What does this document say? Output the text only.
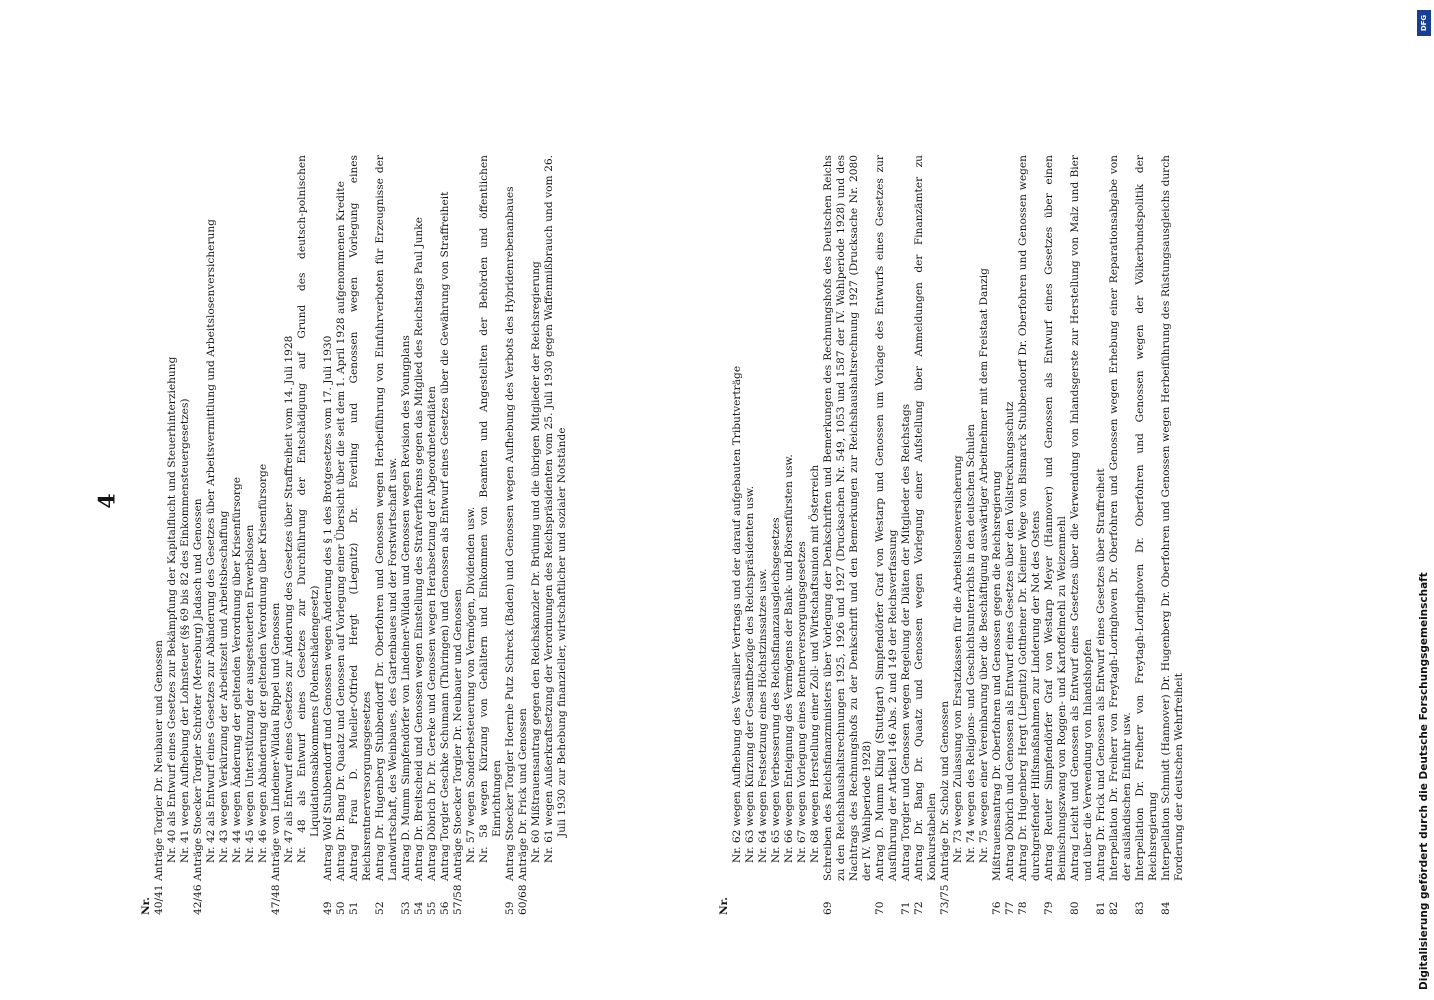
4
Nr. 40/41
Anträge Torgler Dr. Neubauer und Genossen Nr. 40 als Entwurf eines Gesetzes zur Bekämpfung der Kapitalflucht und Steuerhinterziehung Nr. 41 wegen Aufhebung der Lohnsteuer (§§ 69 bis 82 des Einkommensteuergesetzes)
42/46
Anträge Stoecker Torgler Schröter (Merseburg) Jadasch und Genossen Nr. 42 als Entwurf eines Gesetzes zur Abänderung des Gesetzes über Arbeitsvermittlung und Arbeitslosenversicherung Nr. 43 wegen Verkürzung der Arbeitszeit und Arbeitsbeschaffung Nr. 44 wegen Änderung der geltenden Verordnung über Krisenfürsorge Nr. 45 wegen Unterstützung der ausgesteuerten Erwerbslosen Nr. 46 wegen Abänderung der geltenden Verordnung über Krisenfürsorge
47/48
Anträge von Lindeiner-Wildau Rippel und Genossen Nr. 47 als Entwurf eines Gesetzes zur Änderung des Gesetzes über Straffreiheit vom 14. Juli 1928 Nr. 48 als Entwurf eines Gesetzes zur Durchführung der Entschädigung auf Grund des deutsch-polnischen Liquidationsabkommens (Polenschädengesetz)
49
Antrag Wolf Stubbendorff und Genossen wegen Änderung des § 1 des Brotgesetzes vom 17. Juli 1930
50
Antrag Dr. Bang Dr. Quaatz und Genossen auf Vorlegung einer Übersicht über die seit dem 1. April 1928 aufgenommenen Kredite
51
Antrag Frau D. Mueller-Otfried Hergt (Liegnitz) Dr. Everling und Genossen wegen Vorlegung eines Reichsrentnerversorgungsgesetzes
52
Antrag Dr. Hugenberg Stubbendorff Dr. Oberfohren und Genossen wegen Herbeiführung von Einfuhrverboten für Erzeugnisse der Landwirtschaft, des Weinbaues, des Gartenbaues und der Forstwirtschaft usw.
53
Antrag D. Mumm Simpfendörfer von Lindeiner-Wildau und Genossen wegen Revision des Youngplans
54
Antrag Dr. Breitscheid und Genossen wegen Einstellung des Strafverfahrens gegen das Mitglied des Reichstags Paul Junke
55
Antrag Döbrich Dr. Dr. Gereke und Genossen wegen Herabsetzung der Abgeordnetendiäten
56
Antrag Torgler Geschke Schumann (Thüringen) und Genossen als Entwurf eines Gesetzes über die Gewährung von Straffreiheit
57/58
Anträge Stoecker Torgler Dr. Neubauer und Genossen Nr. 57 wegen Sonderbesteuerung von Vermögen, Dividenden usw. Nr. 58 wegen Kürzung von Gehältern und Einkommen von Beamten und Angestellten der Behörden und öffentlichen Einrichtungen
59
Antrag Stoecker Torgler Hoernle Putz Schreck (Baden) und Genossen wegen Aufhebung des Verbots des Hybridenrebenanbaues
60/68
Anträge Dr. Frick und Genossen Nr. 60 Mißtrauensantrag gegen den Reichskanzler Dr. Brüning und die übrigen Mitglieder der Reichsregierung Nr. 61 wegen Außerkraftsetzung der Verordnungen des Reichspräsidenten vom 25. Juli 1930 gegen Waffenmißbrauch und vom 26. Juli 1930 zur Behebung finanzieller, wirtschaftlicher und sozialer Notstände
Nr.
Nr. 62 wegen Aufhebung des Versailler Vertrags und der darauf aufgebauten Tributverträge Nr. 63 wegen Kürzung der Gesamtbezüge des Reichspräsidenten usw. Nr. 64 wegen Festsetzung eines Höchstzinssatzes usw. Nr. 65 wegen Verbesserung des Reichsfinanzausgleichsgesetzes Nr. 66 wegen Enteignung des Vermögens der Bank- und Börsenfürsten usw. Nr. 67 wegen Vorlegung eines Rentnerversorgungsgesetzes Nr. 68 wegen Herstellung einer Zoll- und Wirtschaftsunion mit Österreich
69
Schreiben des Reichsfinanzministers über Vorlegung der Denkschriften und Bemerkungen des Rechnungshofs des Deutschen Reichs zu den Reichshaushaltsrechnungen 1925, 1926 und 1927 (Drucksachen Nr. 549, 1053 und 1587 der IV. Wahlperiode 1928) und des Nachtrags des Rechnungshofs zu der Denkschrift und den Bemerkungen zur Reichshaushaltsrechnung 1927 (Drucksache Nr. 2080 der IV. Wahlperiode 1928)
70
Antrag D. Mumm Kling (Stuttgart) Simpfendörfer Graf von Westarp und Genossen um Vorlage des Entwurfs eines Gesetzes zur Ausführung der Artikel 146 Abs. 2 und 149 der Reichsverfassung
71
Antrag Torgler und Genossen wegen Regelung der Diäten der Mitglieder des Reichstags
72
Antrag Dr. Bang Dr. Quaatz und Genossen wegen Vorlegung einer Aufstellung über Anmeldungen der Finanzämter zu Konkurstabellen
73/75
Anträge Dr. Scholz und Genossen Nr. 73 wegen Zulassung von Ersatzkassen für die Arbeitslosenversicherung Nr. 74 wegen des Religions- und Geschichtsunterrichts in den deutschen Schulen Nr. 75 wegen einer Vereinbarung über die Beschäftigung auswärtiger Arbeitnehmer mit dem Freistaat Danzig
76
Mißtrauensantrag Dr. Oberfohren und Genossen gegen die Reichsregierung
77
Antrag Döbrich und Genossen als Entwurf eines Gesetzes über den Vollstreckungsschutz
78
Antrag Dr. Hugenberg Hergt (Liegnitz) Gottheiner Dr. Kleiner Wege von Bismarck Stubbendorff Dr. Oberfohren und Genossen wegen durchgreifender Hilfsmaßnahmen zur Linderung der Not des Ostens
79
Antrag Reuter Simpfendörfer Graf von Westarp Meyer (Hannover) und Genossen als Entwurf eines Gesetzes über einen Beimischungszwang von Roggen- und Kartoffelmehl zu Weizenmehl
80
Antrag Leicht und Genossen als Entwurf eines Gesetzes über die Verwendung von Inlandsgerste zur Herstellung von Malz und Bier und über die Verwendung von Inlandshopfen
81
Antrag Dr. Frick und Genossen als Entwurf eines Gesetzes über Straffreiheit
82
Interpellation Dr. Freiherr von Freytagh-Loringhoven Dr. Oberfohren und Genossen wegen Erhebung einer Reparationsabgabe von der ausländischen Einfuhr usw.
83
Interpellation Dr. Freiherr von Freytagh-Loringhoven Dr. Oberfohren und Genossen wegen der Völkerbundspolitik der Reichsregierung
84
Interpellation Schmidt (Hannover) Dr. Hugenberg Dr. Oberfohren und Genossen wegen Herbeiführung des Rüstungsausgleichs durch Forderung der deutschen Wehrfreiheit	Digitalisierung gefördert durch die Deutsche Forschungsgemeinschaft
DFG
